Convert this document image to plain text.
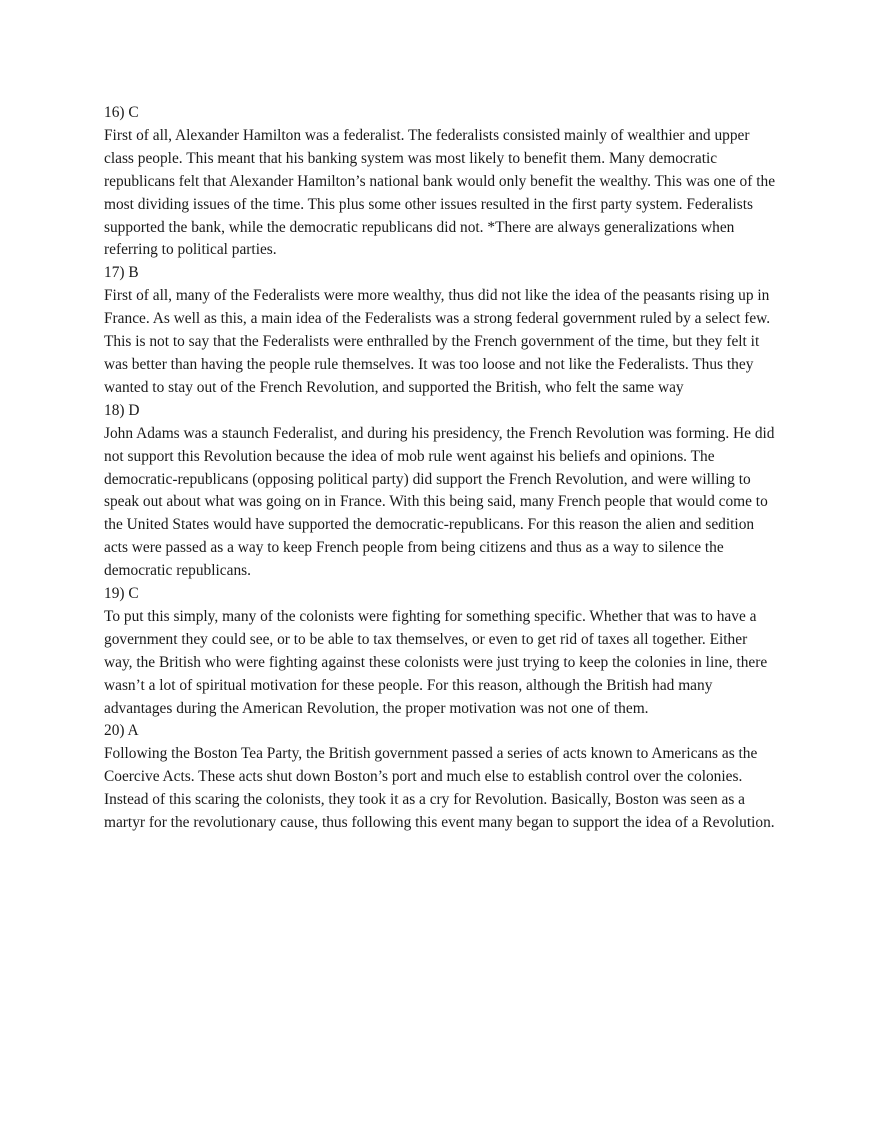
16) C
First of all, Alexander Hamilton was a federalist. The federalists consisted mainly of wealthier and upper class people. This meant that his banking system was most likely to benefit them. Many democratic republicans felt that Alexander Hamilton’s national bank would only benefit the wealthy. This was one of the most dividing issues of the time. This plus some other issues resulted in the first party system. Federalists supported the bank, while the democratic republicans did not. *There are always generalizations when referring to political parties.
17) B
First of all, many of the Federalists were more wealthy, thus did not like the idea of the peasants rising up in France. As well as this, a main idea of the Federalists was a strong federal government ruled by a select few. This is not to say that the Federalists were enthralled by the French government of the time, but they felt it was better than having the people rule themselves. It was too loose and not like the Federalists. Thus they wanted to stay out of the French Revolution, and supported the British, who felt the same way
18) D
John Adams was a staunch Federalist, and during his presidency, the French Revolution was forming. He did not support this Revolution because the idea of mob rule went against his beliefs and opinions. The democratic-republicans (opposing political party) did support the French Revolution, and were willing to speak out about what was going on in France. With this being said, many French people that would come to the United States would have supported the democratic-republicans. For this reason the alien and sedition acts were passed as a way to keep French people from being citizens and thus as a way to silence the democratic republicans.
19) C
To put this simply, many of the colonists were fighting for something specific. Whether that was to have a government they could see, or to be able to tax themselves, or even to get rid of taxes all together. Either way, the British who were fighting against these colonists were just trying to keep the colonies in line, there wasn’t a lot of spiritual motivation for these people. For this reason, although the British had many advantages during the American Revolution, the proper motivation was not one of them.
20) A
Following the Boston Tea Party, the British government passed a series of acts known to Americans as the Coercive Acts. These acts shut down Boston’s port and much else to establish control over the colonies. Instead of this scaring the colonists, they took it as a cry for Revolution. Basically, Boston was seen as a martyr for the revolutionary cause, thus following this event many began to support the idea of a Revolution.
